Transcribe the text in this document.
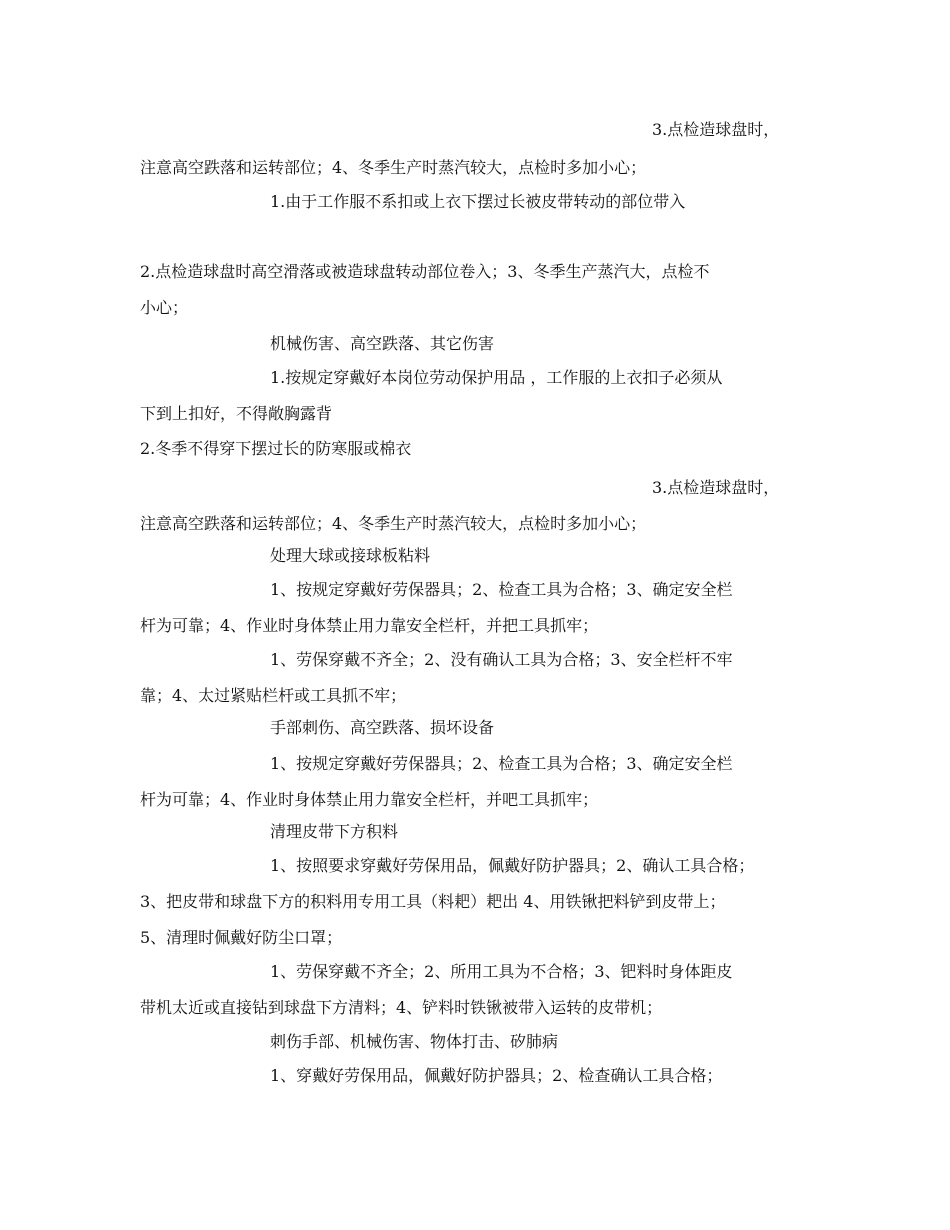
3.点检造球盘时，
注意高空跌落和运转部位；4、冬季生产时蒸汽较大，点检时多加小心；
1.由于工作服不系扣或上衣下摆过长被皮带转动的部位带入
2.点检造球盘时高空滑落或被造球盘转动部位卷入；3、冬季生产蒸汽大，点检不
小心；
机械伤害、高空跌落、其它伤害
1.按规定穿戴好本岗位劳动保护用品 ，工作服的上衣扣子必须从
下到上扣好，不得敞胸露背
2.冬季不得穿下摆过长的防寒服或棉衣
3.点检造球盘时，
注意高空跌落和运转部位；4、冬季生产时蒸汽较大，点检时多加小心；
处理大球或接球板粘料
1、按规定穿戴好劳保器具；2、检查工具为合格；3、确定安全栏
杆为可靠；4、作业时身体禁止用力靠安全栏杆，并把工具抓牢；
1、劳保穿戴不齐全；2、没有确认工具为合格；3、安全栏杆不牢
靠；4、太过紧贴栏杆或工具抓不牢；
手部刺伤、高空跌落、损坏设备
1、按规定穿戴好劳保器具；2、检查工具为合格；3、确定安全栏
杆为可靠；4、作业时身体禁止用力靠安全栏杆，并吧工具抓牢；
清理皮带下方积料
1、按照要求穿戴好劳保用品，佩戴好防护器具；2、确认工具合格；
3、把皮带和球盘下方的积料用专用工具（料耙）耙出 4、用铁锹把料铲到皮带上；
5、清理时佩戴好防尘口罩；
1、劳保穿戴不齐全；2、所用工具为不合格；3、钯料时身体距皮
带机太近或直接钻到球盘下方清料；4、铲料时铁锹被带入运转的皮带机；
刺伤手部、机械伤害、物体打击、矽肺病
1、穿戴好劳保用品，佩戴好防护器具；2、检查确认工具合格；
